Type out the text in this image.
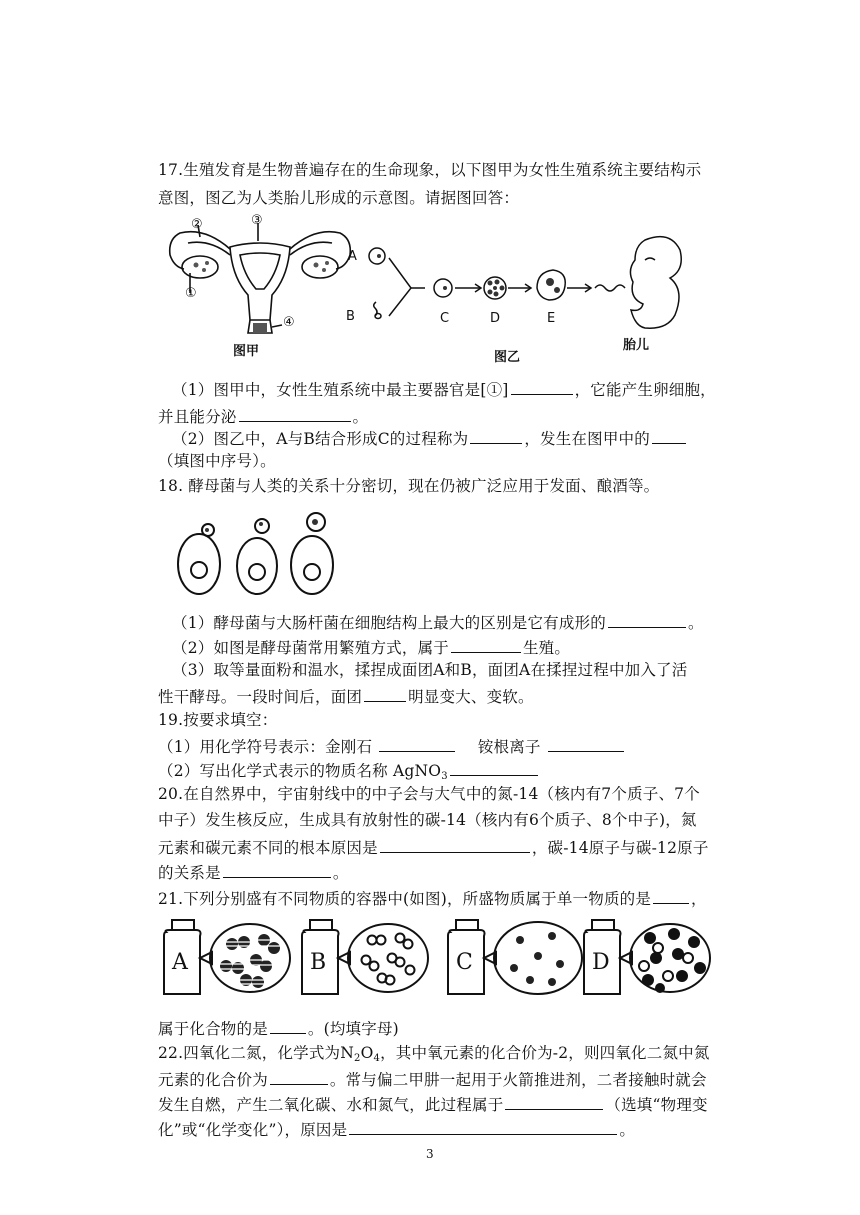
17.生殖发育是生物普遍存在的生命现象，以下图甲为女性生殖系统主要结构示
意图，图乙为人类胎儿形成的示意图。请据图回答：
①
②	③
④
图甲
A
B	C	D	E
胎儿
图乙
（1）图甲中，女性生殖系统中最主要器官是[①]	，它能产生卵细胞，
并且能分泌	。
（2）图乙中，A与B结合形成C的过程称为	，发生在图甲中的
（填图中序号）。
18. 酵母菌与人类的关系十分密切，现在仍被广泛应用于发面、酿酒等。
（1）酵母菌与大肠杆菌在细胞结构上最大的区别是它有成形的	。
（2）如图是酵母菌常用繁殖方式，属于	生殖。
（3）取等量面粉和温水，揉捏成面团A和B，面团A在揉捏过程中加入了活
性干酵母。一段时间后，面团	明显变大、变软。
19.按要求填空：
（1）用化学符号表示：金刚石	铵根离子
（2）写出化学式表示的物质名称 AgNO$_3$
20.在自然界中，宇宙射线中的中子会与大气中的氮-14（核内有7个质子、7个
中子）发生核反应，生成具有放射性的碳-14（核内有6个质子、8个中子)，氮
元素和碳元素不同的根本原因是	，碳-14原子与碳-12原子
的关系是	。
21.下列分别盛有不同物质的容器中(如图)，所盛物质属于单一物质的是	，
A	B	C	D
属于化合物的是	。(均填字母)
22.四氧化二氮，化学式为$N_2O_4$，其中氧元素的化合价为-2，则四氧化二氮中氮
元素的化合价为	。常与偏二甲肼一起用于火箭推进剂，二者接触时就会
发生自燃，产生二氧化碳、水和氮气，此过程属于	（选填“物理变
化”或“化学变化”），原因是	。
3
